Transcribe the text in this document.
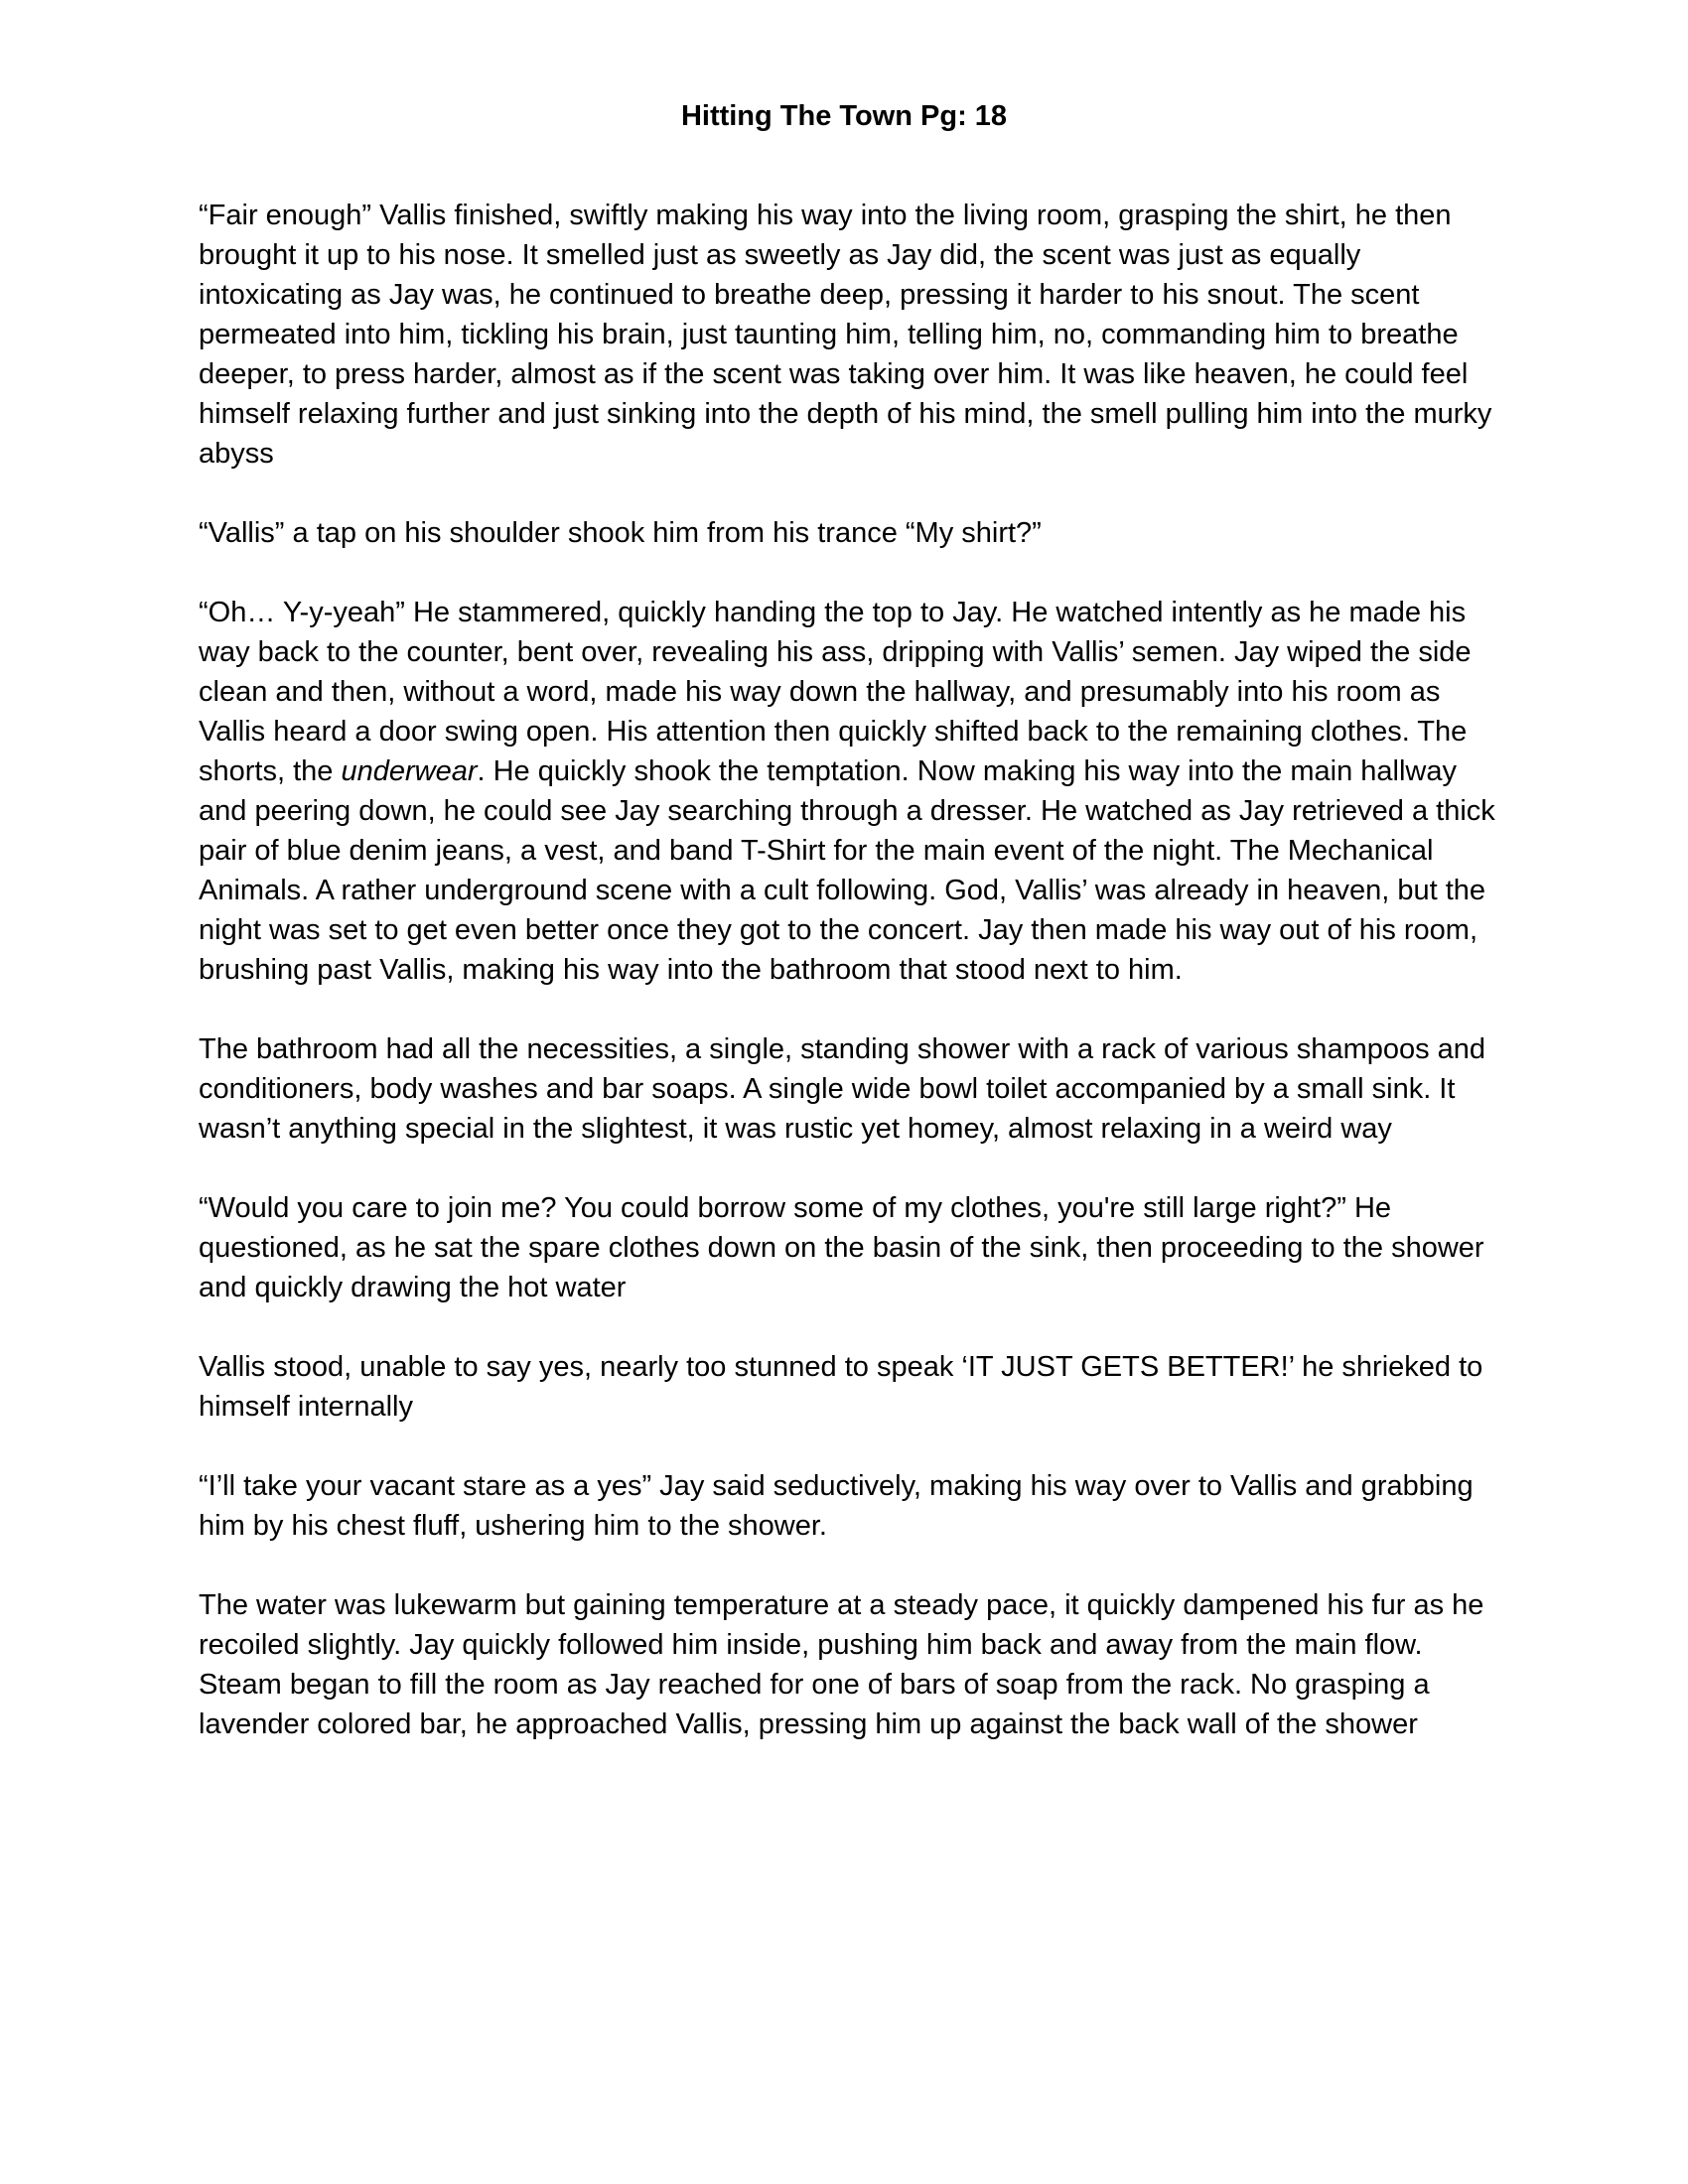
Hitting The Town Pg: 18

“Fair enough” Vallis finished, swiftly making his way into the living room, grasping the shirt, he then brought it up to his nose. It smelled just as sweetly as Jay did, the scent was just as equally intoxicating as Jay was, he continued to breathe deep, pressing it harder to his snout. The scent permeated into him, tickling his brain, just taunting him, telling him, no, commanding him to breathe deeper, to press harder, almost as if the scent was taking over him. It was like heaven, he could feel himself relaxing further and just sinking into the depth of his mind, the smell pulling him into the murky abyss

“Vallis” a tap on his shoulder shook him from his trance “My shirt?”

“Oh… Y-y-yeah” He stammered, quickly handing the top to Jay. He watched intently as he made his way back to the counter, bent over, revealing his ass, dripping with Vallis’ semen. Jay wiped the side clean and then, without a word, made his way down the hallway, and presumably into his room as Vallis heard a door swing open. His attention then quickly shifted back to the remaining clothes. The shorts, the underwear. He quickly shook the temptation. Now making his way into the main hallway and peering down, he could see Jay searching through a dresser. He watched as Jay retrieved a thick pair of blue denim jeans, a vest, and band T-Shirt for the main event of the night. The Mechanical Animals. A rather underground scene with a cult following. God, Vallis’ was already in heaven, but the night was set to get even better once they got to the concert. Jay then made his way out of his room, brushing past Vallis, making his way into the bathroom that stood next to him.

The bathroom had all the necessities, a single, standing shower with a rack of various shampoos and conditioners, body washes and bar soaps. A single wide bowl toilet accompanied by a small sink. It wasn’t anything special in the slightest, it was rustic yet homey, almost relaxing in a weird way

“Would you care to join me? You could borrow some of my clothes, you're still large right?” He questioned, as he sat the spare clothes down on the basin of the sink, then proceeding to the shower and quickly drawing the hot water

Vallis stood, unable to say yes, nearly too stunned to speak ‘IT JUST GETS BETTER!’ he shrieked to himself internally

“I’ll take your vacant stare as a yes” Jay said seductively, making his way over to Vallis and grabbing him by his chest fluff, ushering him to the shower.

The water was lukewarm but gaining temperature at a steady pace, it quickly dampened his fur as he recoiled slightly. Jay quickly followed him inside, pushing him back and away from the main flow. Steam began to fill the room as Jay reached for one of bars of soap from the rack. No grasping a lavender colored bar, he approached Vallis, pressing him up against the back wall of the shower
